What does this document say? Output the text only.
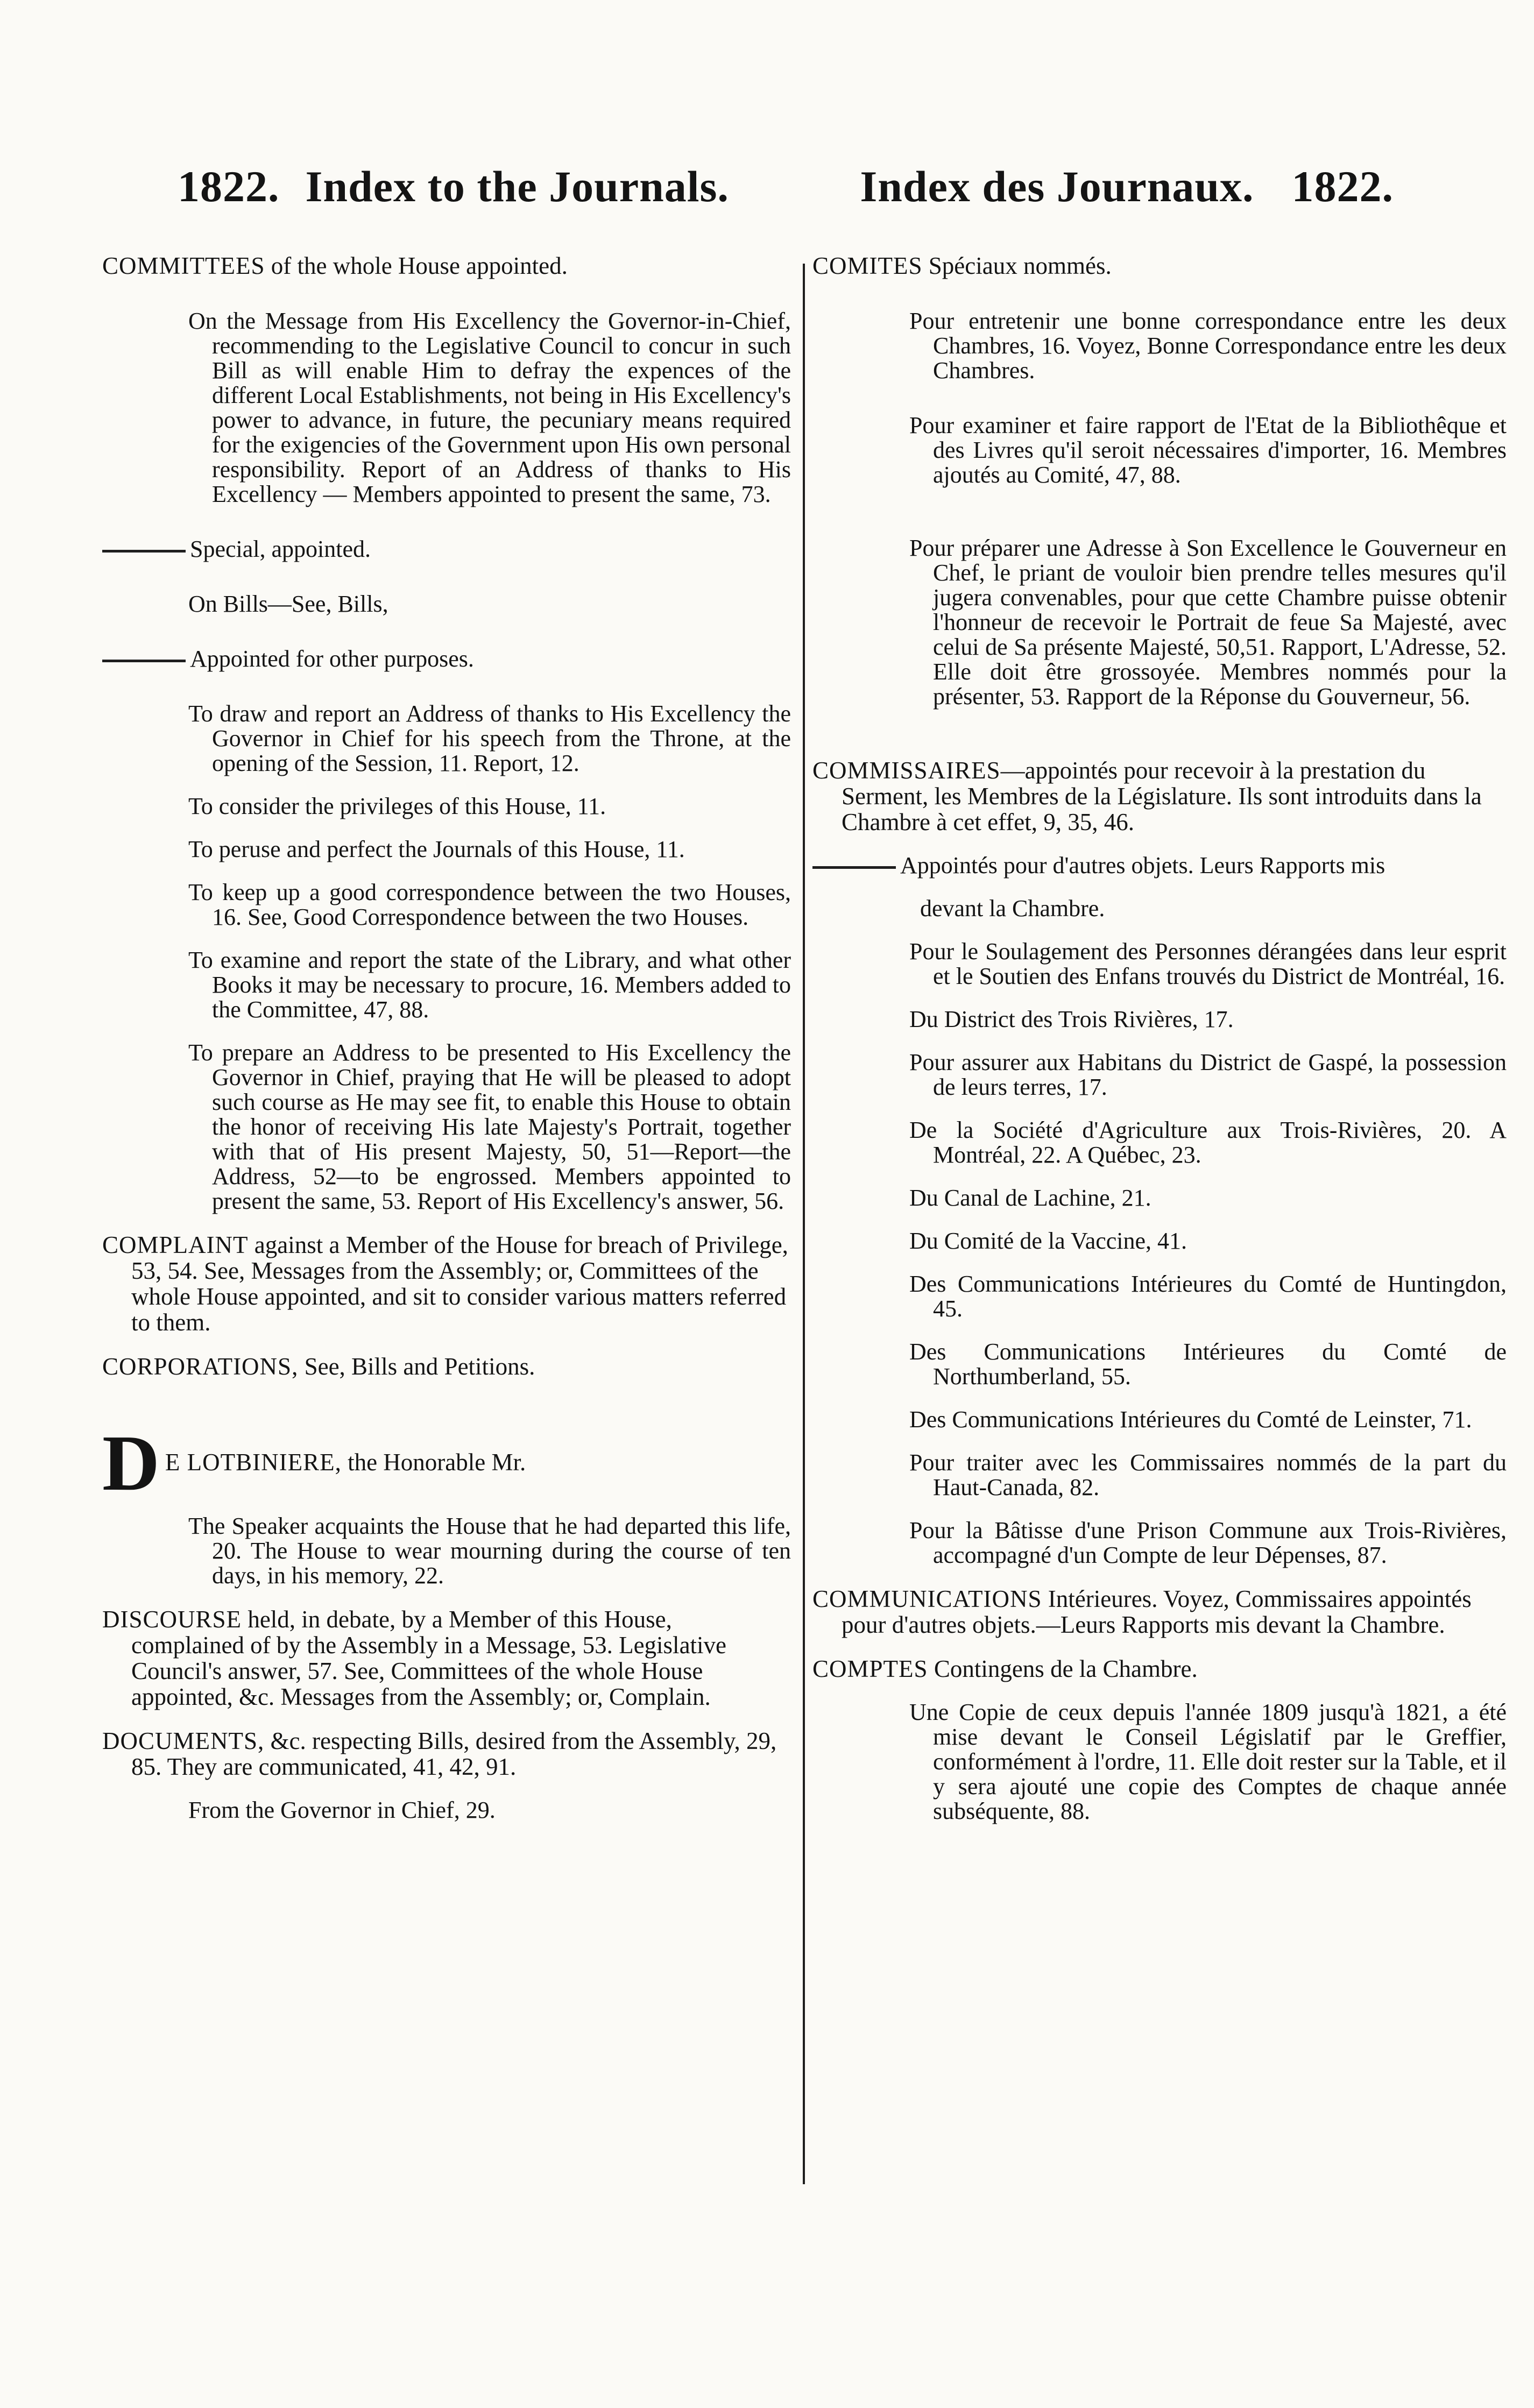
1822. Index to the Journals.	Index des Journaux. 1822.
COMMITTEES of the whole House appointed.
On the Message from His Excellency the Governor-in-Chief, recommending to the Legislative Council to concur in such Bill as will enable Him to defray the expences of the different Local Establishments, not being in His Excellency's power to advance, in future, the pecuniary means required for the exigencies of the Government upon His own personal responsibility. Report of an Address of thanks to His Excellency — Members appointed to present the same, 73.
Special, appointed.
On Bills—See, Bills,
Appointed for other purposes.
To draw and report an Address of thanks to His Excellency the Governor in Chief for his speech from the Throne, at the opening of the Session, 11. Report, 12.
To consider the privileges of this House, 11.
To peruse and perfect the Journals of this House, 11.
To keep up a good correspondence between the two Houses, 16. See, Good Correspondence between the two Houses.
To examine and report the state of the Library, and what other Books it may be necessary to procure, 16. Members added to the Committee, 47, 88.
To prepare an Address to be presented to His Excellency the Governor in Chief, praying that He will be pleased to adopt such course as He may see fit, to enable this House to obtain the honor of receiving His late Majesty's Portrait, together with that of His present Majesty, 50, 51—Report—the Address, 52—to be engrossed. Members appointed to present the same, 53. Report of His Excellency's answer, 56.
COMPLAINT against a Member of the House for breach of Privilege, 53, 54. See, Messages from the Assembly; or, Committees of the whole House appointed, and sit to consider various matters referred to them.
CORPORATIONS, See, Bills and Petitions.
D E LOTBINIERE, the Honorable Mr.
The Speaker acquaints the House that he had departed this life, 20. The House to wear mourning during the course of ten days, in his memory, 22.
DISCOURSE held, in debate, by a Member of this House, complained of by the Assembly in a Message, 53. Legislative Council's answer, 57. See, Committees of the whole House appointed, &c. Messages from the Assembly; or, Complain.
DOCUMENTS, &c. respecting Bills, desired from the Assembly, 29, 85. They are communicated, 41, 42, 91.
From the Governor in Chief, 29.
COMITES Spéciaux nommés.
Pour entretenir une bonne correspondance entre les deux Chambres, 16. Voyez, Bonne Correspondance entre les deux Chambres.
Pour examiner et faire rapport de l'Etat de la Bibliothêque et des Livres qu'il seroit nécessaires d'importer, 16. Membres ajoutés au Comité, 47, 88.
Pour préparer une Adresse à Son Excellence le Gouverneur en Chef, le priant de vouloir bien prendre telles mesures qu'il jugera convenables, pour que cette Chambre puisse obtenir l'honneur de recevoir le Portrait de feue Sa Majesté, avec celui de Sa présente Majesté, 50,51. Rapport, L'Adresse, 52. Elle doit être grossoyée. Membres nommés pour la présenter, 53. Rapport de la Réponse du Gouverneur, 56.
COMMISSAIRES—appointés pour recevoir à la prestation du Serment, les Membres de la Législature. Ils sont introduits dans la Chambre à cet effet, 9, 35, 46.
Appointés pour d'autres objets. Leurs Rapports mis
devant la Chambre.
Pour le Soulagement des Personnes dérangées dans leur esprit et le Soutien des Enfans trouvés du District de Montréal, 16.
Du District des Trois Rivières, 17.
Pour assurer aux Habitans du District de Gaspé, la possession de leurs terres, 17.
De la Société d'Agriculture aux Trois-Rivières, 20. A Montréal, 22. A Québec, 23.
Du Canal de Lachine, 21.
Du Comité de la Vaccine, 41.
Des Communications Intérieures du Comté de Huntingdon, 45.
Des Communications Intérieures du Comté de Northumberland, 55.
Des Communications Intérieures du Comté de Leinster, 71.
Pour traiter avec les Commissaires nommés de la part du Haut-Canada, 82.
Pour la Bâtisse d'une Prison Commune aux Trois-Rivières, accompagné d'un Compte de leur Dépenses, 87.
COMMUNICATIONS Intérieures. Voyez, Commissaires appointés pour d'autres objets.—Leurs Rapports mis devant la Chambre.
COMPTES Contingens de la Chambre.
Une Copie de ceux depuis l'année 1809 jusqu'à 1821, a été mise devant le Conseil Législatif par le Greffier, conformément à l'ordre, 11. Elle doit rester sur la Table, et il y sera ajouté une copie des Comptes de chaque année subséquente, 88.
